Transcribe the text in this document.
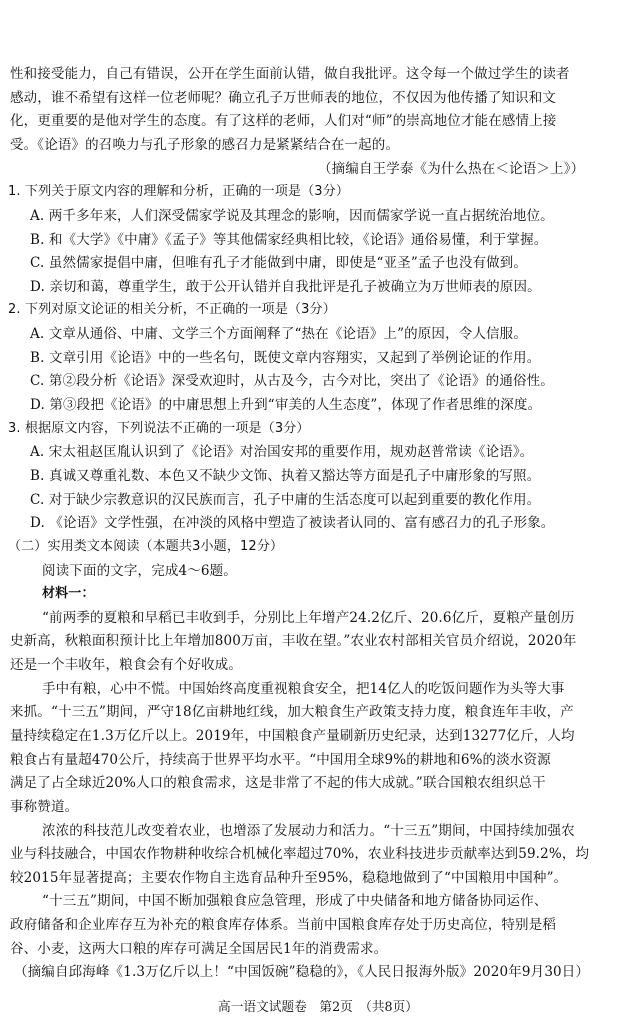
性和接受能力，自己有错误，公开在学生面前认错，做自我批评。这令每一个做过学生的读者
感动，谁不希望有这样一位老师呢？确立孔子万世师表的地位，不仅因为他传播了知识和文
化，更重要的是他对学生的态度。有了这样的老师，人们对“师”的崇高地位才能在感情上接
受。《论语》的召唤力与孔子形象的感召力是紧紧结合在一起的。
（摘编自王学泰《为什么热在＜论语＞上》）
1. 下列关于原文内容的理解和分析，正确的一项是（3分）
A. 两千多年来，人们深受儒家学说及其理念的影响，因而儒家学说一直占据统治地位。
B. 和《大学》《中庸》《孟子》等其他儒家经典相比较，《论语》通俗易懂，利于掌握。
C. 虽然儒家提倡中庸，但唯有孔子才能做到中庸，即使是“亚圣”孟子也没有做到。
D. 亲切和蔼，尊重学生，敢于公开认错并自我批评是孔子被确立为万世师表的原因。
2. 下列对原文论证的相关分析，不正确的一项是（3分）
A. 文章从通俗、中庸、文学三个方面阐释了“热在《论语》上”的原因，令人信服。
B. 文章引用《论语》中的一些名句，既使文章内容翔实，又起到了举例论证的作用。
C. 第②段分析《论语》深受欢迎时，从古及今，古今对比，突出了《论语》的通俗性。
D. 第③段把《论语》的中庸思想上升到“审美的人生态度”，体现了作者思维的深度。
3. 根据原文内容，下列说法不正确的一项是（3分）
A. 宋太祖赵匡胤认识到了《论语》对治国安邦的重要作用，规劝赵普常读《论语》。
B. 真诚又尊重礼数、本色又不缺少文饰、执着又豁达等方面是孔子中庸形象的写照。
C. 对于缺少宗教意识的汉民族而言，孔子中庸的生活态度可以起到重要的教化作用。
D. 《论语》文学性强，在冲淡的风格中塑造了被读者认同的、富有感召力的孔子形象。
（二）实用类文本阅读（本题共3小题，12分）
阅读下面的文字，完成4～6题。
材料一：
“前两季的夏粮和早稻已丰收到手，分别比上年增产24.2亿斤、20.6亿斤，夏粮产量创历
史新高，秋粮面积预计比上年增加800万亩，丰收在望。”农业农村部相关官员介绍说，2020年
还是一个丰收年，粮食会有个好收成。
手中有粮，心中不慌。中国始终高度重视粮食安全，把14亿人的吃饭问题作为头等大事
来抓。“十三五”期间，严守18亿亩耕地红线，加大粮食生产政策支持力度，粮食连年丰收，产
量持续稳定在1.3万亿斤以上。2019年，中国粮食产量刷新历史纪录，达到13277亿斤，人均
粮食占有量超470公斤，持续高于世界平均水平。“中国用全球9%的耕地和6%的淡水资源
满足了占全球近20%人口的粮食需求，这是非常了不起的伟大成就。”联合国粮农组织总干
事称赞道。
浓浓的科技范儿改变着农业，也增添了发展动力和活力。“十三五”期间，中国持续加强农
业与科技融合，中国农作物耕种收综合机械化率超过70%，农业科技进步贡献率达到59.2%，均
较2015年显著提高；主要农作物自主选育品种升至95%，稳稳地做到了“中国粮用中国种”。
“十三五”期间，中国不断加强粮食应急管理，形成了中央储备和地方储备协同运作、
政府储备和企业库存互为补充的粮食库存体系。当前中国粮食库存处于历史高位，特别是稻
谷、小麦，这两大口粮的库存可满足全国居民1年的消费需求。
（摘编自邱海峰《1.3万亿斤以上！“中国饭碗”稳稳的》，《人民日报海外版》2020年9月30日）
高一语文试题卷　第2页　（共8页）
